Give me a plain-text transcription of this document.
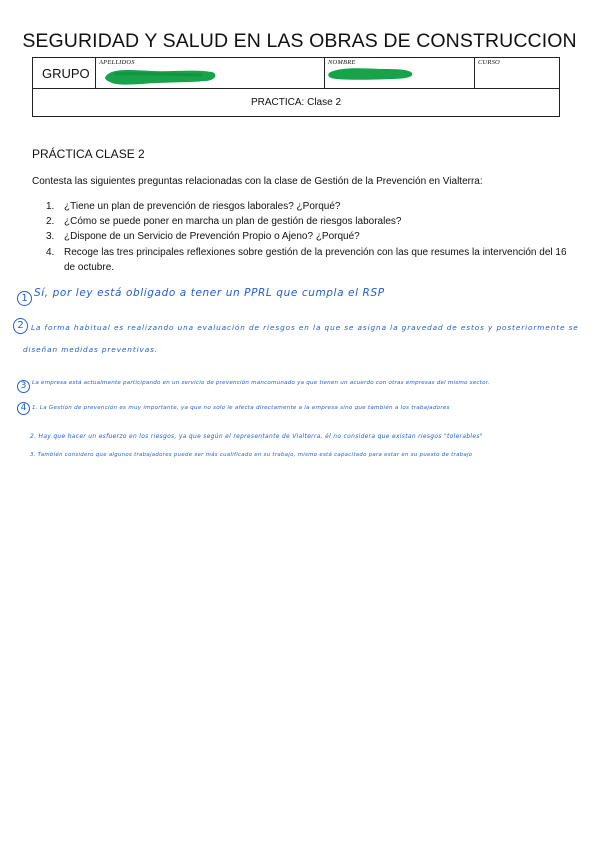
SEGURIDAD Y SALUD EN LAS OBRAS DE CONSTRUCCION
GRUPO
APELLIDOS	NOMBRE	CURSO
PRACTICA: Clase 2
PRÁCTICA CLASE 2
Contesta las siguientes preguntas relacionadas con la clase de Gestión de la Prevención en Vialterra:
1. ¿Tiene un plan de prevención de riesgos laborales? ¿Porqué?
2. ¿Cómo se puede poner en marcha un plan de gestión de riesgos laborales?
3. ¿Dispone de un Servicio de Prevención Propio o Ajeno? ¿Porqué?
4. Recoge las tres principales reflexiones sobre gestión de la prevención con las que resumes la intervención del 16 de octubre.
1 Sí, por ley está obligado a tener un PPRL que cumpla el RSP
2	La forma habitual es realizando una evaluación de riesgos en la que se asigna la gravedad de estos y posteriormente se
diseñan medidas preventivas.
3	La empresa está actualmente participando en un servicio de prevención mancomunado ya que tienen un acuerdo con otras empresas del mismo sector.
4	1. La Gestión de prevención es muy importante, ya que no solo le afecta directamente a la empresa sino que también a los trabajadores
2. Hay que hacer un esfuerzo en los riesgos, ya que según el representante de Vialterra, él no considera que existan riesgos "tolerables"
3. También considero que algunos trabajadores puede ser más cualificado en su trabajo, mismo está capacitado para estar en su puesto de trabajo
